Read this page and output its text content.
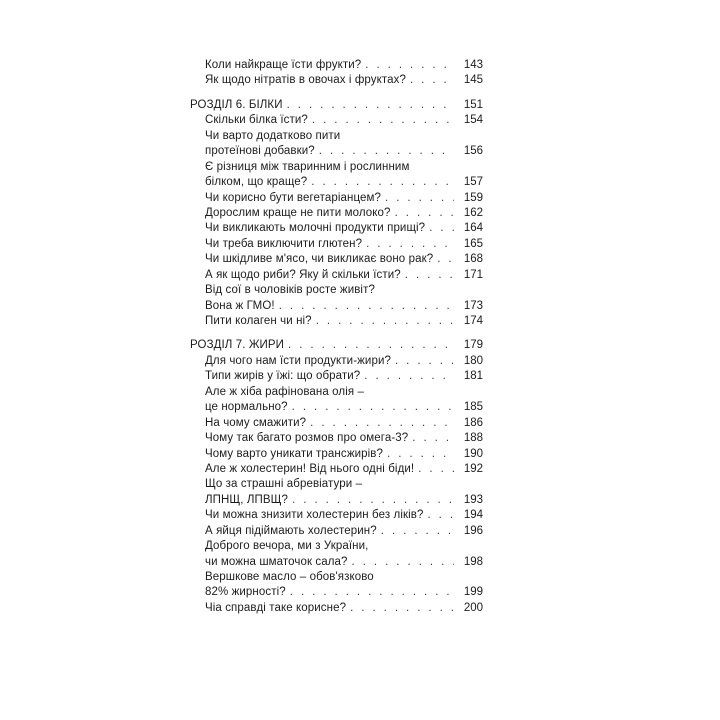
Коли найкраще їсти фрукти? . . .	143
Як щодо нітратів в овочах і фруктах? . . .	145
РОЗДІЛ 6. БІЛКИ . . .	151
Скільки білка їсти? . . .	154
Чи варто додатково пити
протеїнові добавки? . . .	156
Є різниця між тваринним і рослинним
білком, що краще? . . .	157
Чи корисно бути вегетаріанцем? . . .	159
Дорослим краще не пити молоко? . . .	162
Чи викликають молочні продукти прищі? . . .	164
Чи треба виключити глютен? . . .	165
Чи шкідливе м'ясо, чи викликає воно рак? . . .	168
А як щодо риби? Яку й скільки їсти? . . .	171
Від сої в чоловіків росте живіт?
Вона ж ГМО! . . .	173
Пити колаген чи ні? . . .	174
РОЗДІЛ 7. ЖИРИ . . .	179
Для чого нам їсти продукти-жири? . . .	180
Типи жирів у їжі: що обрати? . . .	181
Але ж хіба рафінована олія –
це нормально? . . .	185
На чому смажити? . . .	186
Чому так багато розмов про омега-3? . . .	188
Чому варто уникати трансжирів? . . .	190
Але ж холестерин! Від нього одні біди! . . .	192
Що за страшні абревіатури –
ЛПНЩ, ЛПВЩ? . . .	193
Чи можна знизити холестерин без ліків? . . .	194
А яйця підіймають холестерин? . . .	196
Доброго вечора, ми з України,
чи можна шматочок сала? . . .	198
Вершкове масло – обов'язково
82% жирності? . . .	199
Чіа справді таке корисне? . . .	200
